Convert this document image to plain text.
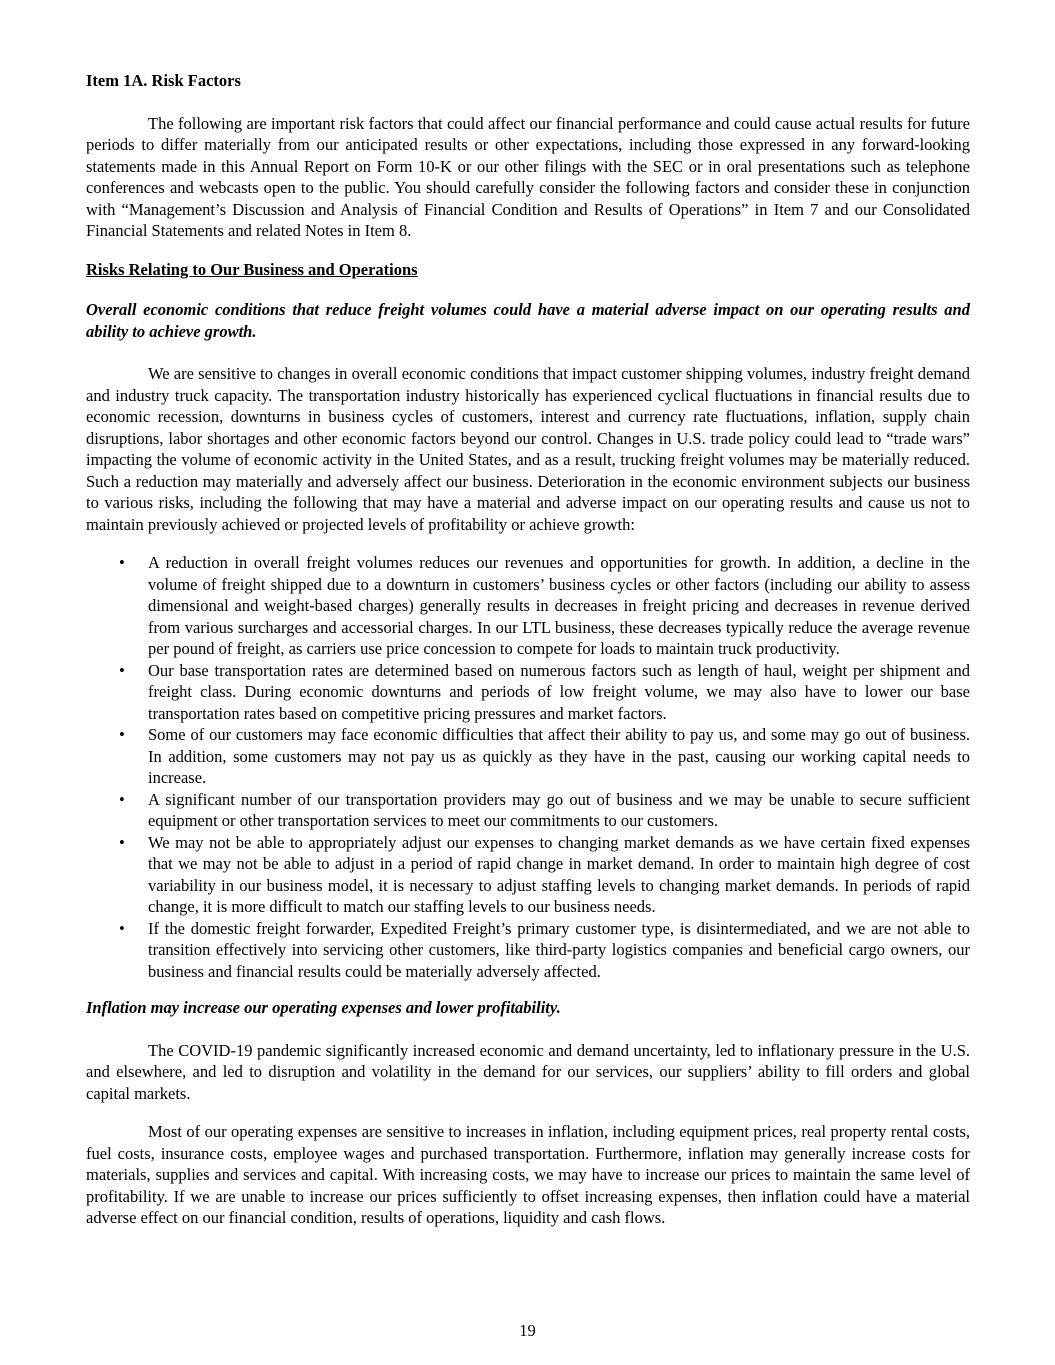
Item 1A. Risk Factors

The following are important risk factors that could affect our financial performance and could cause actual results for future periods to differ materially from our anticipated results or other expectations, including those expressed in any forward-looking statements made in this Annual Report on Form 10-K or our other filings with the SEC or in oral presentations such as telephone conferences and webcasts open to the public. You should carefully consider the following factors and consider these in conjunction with “Management’s Discussion and Analysis of Financial Condition and Results of Operations” in Item 7 and our Consolidated Financial Statements and related Notes in Item 8.

Risks Relating to Our Business and Operations
Overall economic conditions that reduce freight volumes could have a material adverse impact on our operating results and ability to achieve growth.

We are sensitive to changes in overall economic conditions that impact customer shipping volumes, industry freight demand and industry truck capacity. The transportation industry historically has experienced cyclical fluctuations in financial results due to economic recession, downturns in business cycles of customers, interest and currency rate fluctuations, inflation, supply chain disruptions, labor shortages and other economic factors beyond our control. Changes in U.S. trade policy could lead to “trade wars” impacting the volume of economic activity in the United States, and as a result, trucking freight volumes may be materially reduced. Such a reduction may materially and adversely affect our business. Deterioration in the economic environment subjects our business to various risks, including the following that may have a material and adverse impact on our operating results and cause us not to maintain previously achieved or projected levels of profitability or achieve growth:

• A reduction in overall freight volumes reduces our revenues and opportunities for growth. In addition, a decline in the volume of freight shipped due to a downturn in customers’ business cycles or other factors (including our ability to assess dimensional and weight-based charges) generally results in decreases in freight pricing and decreases in revenue derived from various surcharges and accessorial charges. In our LTL business, these decreases typically reduce the average revenue per pound of freight, as carriers use price concession to compete for loads to maintain truck productivity.
• Our base transportation rates are determined based on numerous factors such as length of haul, weight per shipment and freight class. During economic downturns and periods of low freight volume, we may also have to lower our base transportation rates based on competitive pricing pressures and market factors.
• Some of our customers may face economic difficulties that affect their ability to pay us, and some may go out of business. In addition, some customers may not pay us as quickly as they have in the past, causing our working capital needs to increase.
• A significant number of our transportation providers may go out of business and we may be unable to secure sufficient equipment or other transportation services to meet our commitments to our customers.
• We may not be able to appropriately adjust our expenses to changing market demands as we have certain fixed expenses that we may not be able to adjust in a period of rapid change in market demand. In order to maintain high degree of cost variability in our business model, it is necessary to adjust staffing levels to changing market demands. In periods of rapid change, it is more difficult to match our staffing levels to our business needs.
• If the domestic freight forwarder, Expedited Freight’s primary customer type, is disintermediated, and we are not able to transition effectively into servicing other customers, like third-party logistics companies and beneficial cargo owners, our business and financial results could be materially adversely affected.
Inflation may increase our operating expenses and lower profitability.

The COVID-19 pandemic significantly increased economic and demand uncertainty, led to inflationary pressure in the U.S. and elsewhere, and led to disruption and volatility in the demand for our services, our suppliers’ ability to fill orders and global capital markets.

Most of our operating expenses are sensitive to increases in inflation, including equipment prices, real property rental costs, fuel costs, insurance costs, employee wages and purchased transportation. Furthermore, inflation may generally increase costs for materials, supplies and services and capital. With increasing costs, we may have to increase our prices to maintain the same level of profitability. If we are unable to increase our prices sufficiently to offset increasing expenses, then inflation could have a material adverse effect on our financial condition, results of operations, liquidity and cash flows.

19
